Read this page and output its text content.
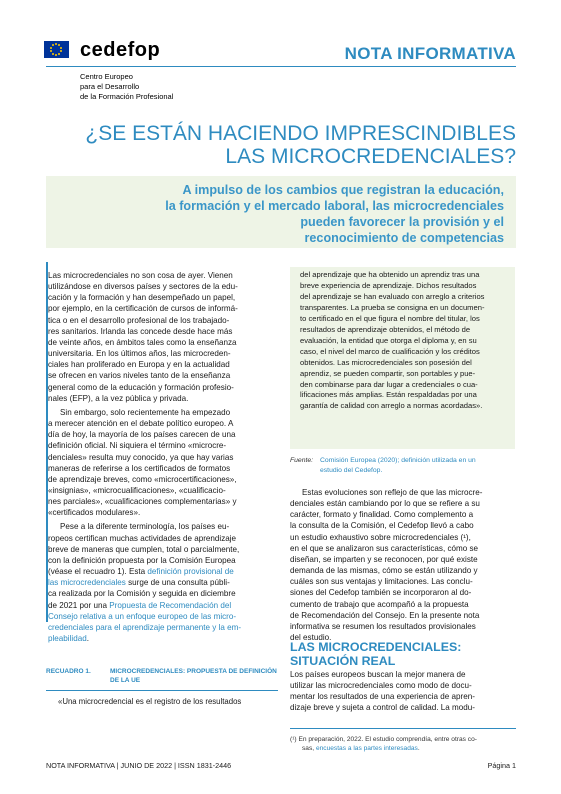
cedefop
Centro Europeo
para el Desarrollo
de la Formación Profesional
NOTA INFORMATIVA
¿SE ESTÁN HACIENDO IMPRESCINDIBLES
LAS MICROCREDENCIALES?
A impulso de los cambios que registran la educación,
la formación y el mercado laboral, las microcredenciales
pueden favorecer la provisión y el
reconocimiento de competencias
Las microcredenciales no son cosa de ayer. Vienen
utilizándose en diversos países y sectores de la edu-
cación y la formación y han desempeñado un papel,
por ejemplo, en la certificación de cursos de informá-
tica o en el desarrollo profesional de los trabajado-
res sanitarios. Irlanda las concede desde hace más
de veinte años, en ámbitos tales como la enseñanza
universitaria. En los últimos años, las microcreden-
ciales han proliferado en Europa y en la actualidad
se ofrecen en varios niveles tanto de la enseñanza
general como de la educación y formación profesio-
nales (EFP), a la vez pública y privada.
Sin embargo, solo recientemente ha empezado
a merecer atención en el debate político europeo. A
día de hoy, la mayoría de los países carecen de una
definición oficial. Ni siquiera el término «microcre-
denciales» resulta muy conocido, ya que hay varias
maneras de referirse a los certificados de formatos
de aprendizaje breves, como «microcertificaciones»,
«insignias», «microcualificaciones», «cualificacio-
nes parciales», «cualificaciones complementarias» y
«certificados modulares».
Pese a la diferente terminología, los países eu-
ropeos certifican muchas actividades de aprendizaje
breve de maneras que cumplen, total o parcialmente,
con la definición propuesta por la Comisión Europea
(véase el recuadro 1). Esta definición provisional de
las microcredenciales surge de una consulta públi-
ca realizada por la Comisión y seguida en diciembre
de 2021 por una Propuesta de Recomendación del
Consejo relativa a un enfoque europeo de las micro-
credenciales para el aprendizaje permanente y la em-
pleabilidad.
RECUADRO 1.	MICROCREDENCIALES: PROPUESTA DE DEFINICIÓN DE LA UE
«Una microcredencial es el registro de los resultados
del aprendizaje que ha obtenido un aprendiz tras una
breve experiencia de aprendizaje. Dichos resultados
del aprendizaje se han evaluado con arreglo a criterios
transparentes. La prueba se consigna en un documen-
to certificado en el que figura el nombre del titular, los
resultados de aprendizaje obtenidos, el método de
evaluación, la entidad que otorga el diploma y, en su
caso, el nivel del marco de cualificación y los créditos
obtenidos. Las microcredenciales son posesión del
aprendiz, se pueden compartir, son portables y pue-
den combinarse para dar lugar a credenciales o cua-
lificaciones más amplias. Están respaldadas por una
garantía de calidad con arreglo a normas acordadas».
Fuente: Comisión Europea (2020); definición utilizada en un
estudio del Cedefop.
Estas evoluciones son reflejo de que las microcre-
denciales están cambiando por lo que se refiere a su
carácter, formato y finalidad. Como complemento a
la consulta de la Comisión, el Cedefop llevó a cabo
un estudio exhaustivo sobre microcredenciales (¹),
en el que se analizaron sus características, cómo se
diseñan, se imparten y se reconocen, por qué existe
demanda de las mismas, cómo se están utilizando y
cuáles son sus ventajas y limitaciones. Las conclu-
siones del Cedefop también se incorporaron al do-
cumento de trabajo que acompañó a la propuesta
de Recomendación del Consejo. En la presente nota
informativa se resumen los resultados provisionales
del estudio.
LAS MICROCREDENCIALES:
SITUACIÓN REAL
Los países europeos buscan la mejor manera de
utilizar las microcredenciales como modo de docu-
mentar los resultados de una experiencia de apren-
dizaje breve y sujeta a control de calidad. La modu-
(¹) En preparación, 2022. El estudio comprendía, entre otras co-
sas, encuestas a las partes interesadas.
NOTA INFORMATIVA | JUNIO DE 2022 | ISSN 1831-2446	Página 1
